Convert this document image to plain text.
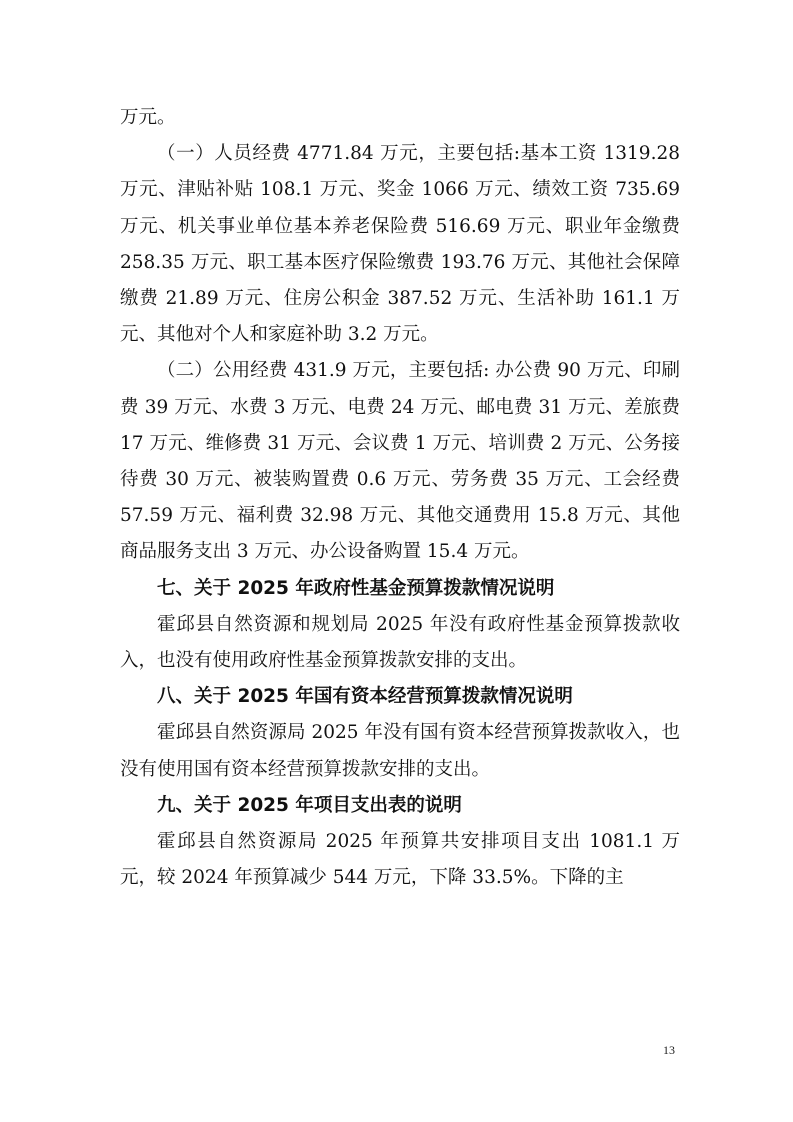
万元。

（一）人员经费 4771.84 万元，主要包括:基本工资 1319.28 万元、津贴补贴 108.1 万元、奖金 1066 万元、绩效工资 735.69 万元、机关事业单位基本养老保险费 516.69 万元、职业年金缴费 258.35 万元、职工基本医疗保险缴费 193.76 万元、其他社会保障缴费 21.89 万元、住房公积金 387.52 万元、生活补助 161.1 万元、其他对个人和家庭补助 3.2 万元。

（二）公用经费 431.9 万元，主要包括: 办公费 90 万元、印刷费 39 万元、水费 3 万元、电费 24 万元、邮电费 31 万元、差旅费 17 万元、维修费 31 万元、会议费 1 万元、培训费 2 万元、公务接待费 30 万元、被装购置费 0.6 万元、劳务费 35 万元、工会经费 57.59 万元、福利费 32.98 万元、其他交通费用 15.8 万元、其他商品服务支出 3 万元、办公设备购置 15.4 万元。

七、关于 2025 年政府性基金预算拨款情况说明

霍邱县自然资源和规划局 2025 年没有政府性基金预算拨款收入，也没有使用政府性基金预算拨款安排的支出。

八、关于 2025 年国有资本经营预算拨款情况说明

霍邱县自然资源局 2025 年没有国有资本经营预算拨款收入，也没有使用国有资本经营预算拨款安排的支出。

九、关于 2025 年项目支出表的说明

霍邱县自然资源局 2025 年预算共安排项目支出 1081.1 万元，较 2024 年预算减少 544 万元，下降 33.5%。下降的主

13
